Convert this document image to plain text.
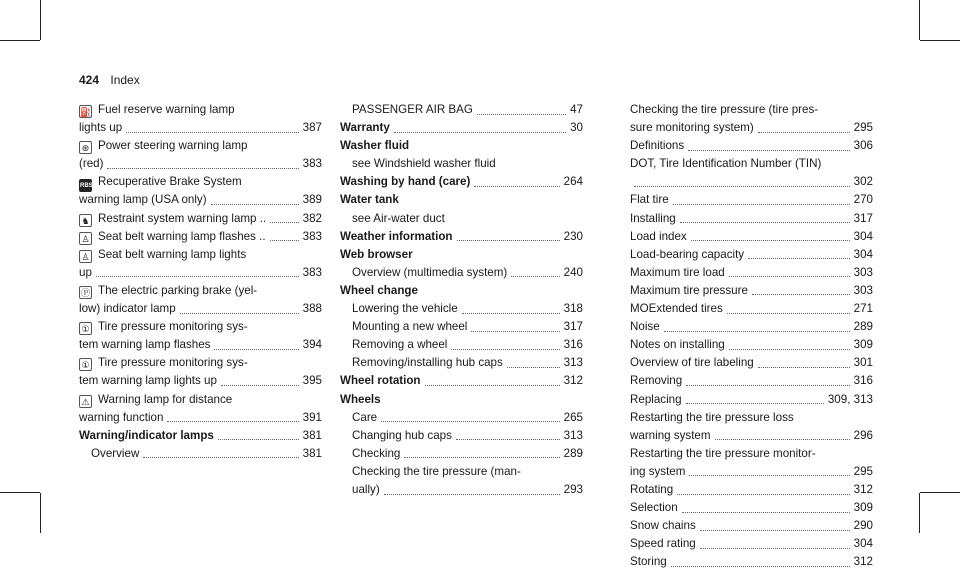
424 Index
⛽ Fuel reserve warning lamp
lights up	387
⊛ Power steering warning lamp
(red)	383
RBS Recuperative Brake System
warning lamp (USA only)	389
♞ Restraint system warning lamp ..	382
♙ Seat belt warning lamp flashes ..	383
♙ Seat belt warning lamp lights
up	383
Ⓟ The electric parking brake (yel-
low) indicator lamp	388
① Tire pressure monitoring sys-
tem warning lamp flashes	394
① Tire pressure monitoring sys-
tem warning lamp lights up	395
⚠ Warning lamp for distance
warning function	391
Warning/indicator lamps	381
Overview	381
PASSENGER AIR BAG	47
Warranty	30
Washer fluid
see Windshield washer fluid
Washing by hand (care)	264
Water tank
see Air-water duct
Weather information	230
Web browser
Overview (multimedia system)	240
Wheel change
Lowering the vehicle	318
Mounting a new wheel	317
Removing a wheel	316
Removing/installing hub caps	313
Wheel rotation	312
Wheels
Care	265
Changing hub caps	313
Checking	289
Checking the tire pressure (man-
ually)	293
Checking the tire pressure (tire pres-
sure monitoring system)	295
Definitions	306
DOT, Tire Identification Number (TIN)
302
Flat tire	270
Installing	317
Load index	304
Load-bearing capacity	304
Maximum tire load	303
Maximum tire pressure	303
MOExtended tires	271
Noise	289
Notes on installing	309
Overview of tire labeling	301
Removing	316
Replacing	309, 313
Restarting the tire pressure loss
warning system	296
Restarting the tire pressure monitor-
ing system	295
Rotating	312
Selection	309
Snow chains	290
Speed rating	304
Storing	312
